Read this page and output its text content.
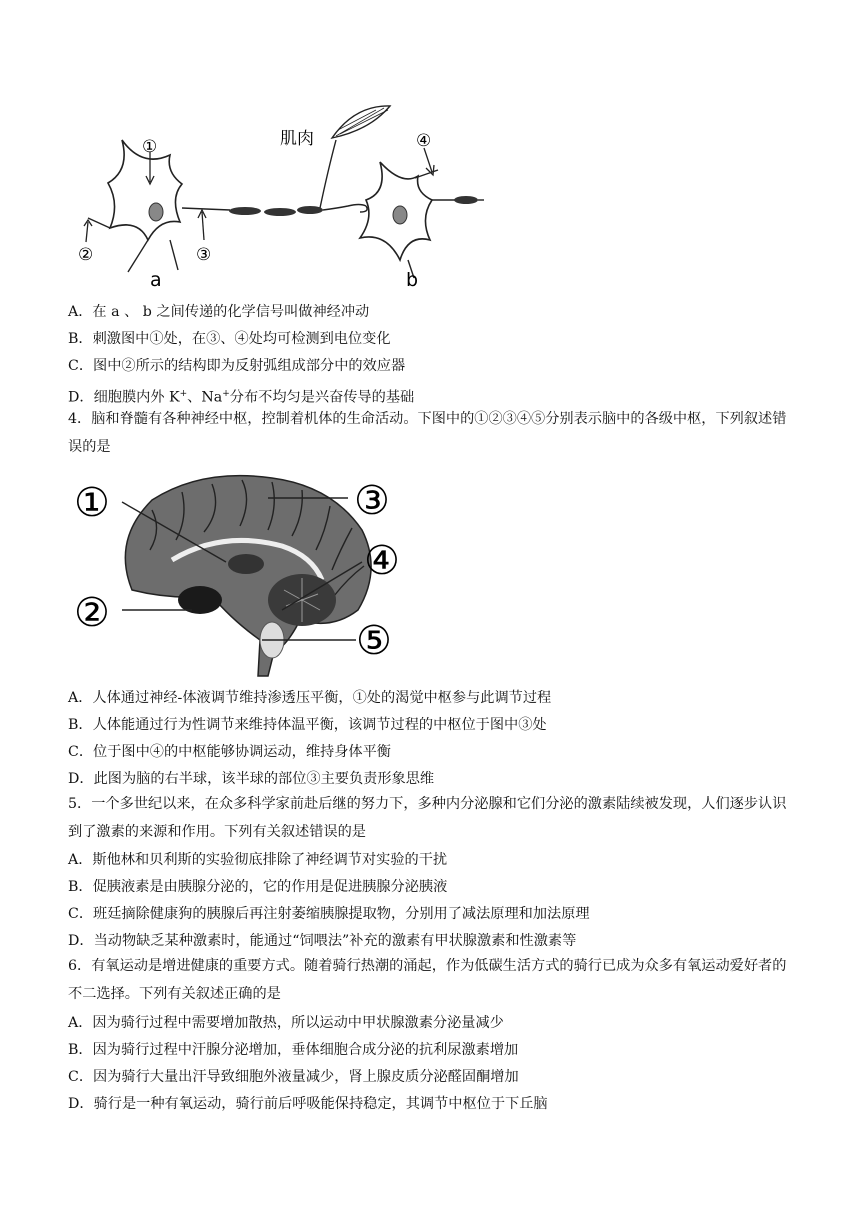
肌肉
①
②	③
④
a	b
A．在 a 、 b 之间传递的化学信号叫做神经冲动
B．刺激图中①处，在③、④处均可检测到电位变化
C．图中②所示的结构即为反射弧组成部分中的效应器
D．细胞膜内外 K+、Na+分布不均匀是兴奋传导的基础
4．脑和脊髓有各种神经中枢，控制着机体的生命活动。下图中的①②③④⑤分别表示脑中的各级中枢，下列叙述错误的是
①
②
③
④
⑤
A．人体通过神经-体液调节维持渗透压平衡，①处的渴觉中枢参与此调节过程
B．人体能通过行为性调节来维持体温平衡，该调节过程的中枢位于图中③处
C．位于图中④的中枢能够协调运动，维持身体平衡
D．此图为脑的右半球，该半球的部位③主要负责形象思维
5．一个多世纪以来，在众多科学家前赴后继的努力下，多种内分泌腺和它们分泌的激素陆续被发现，人们逐步认识到了激素的来源和作用。下列有关叙述错误的是
A．斯他林和贝利斯的实验彻底排除了神经调节对实验的干扰
B．促胰液素是由胰腺分泌的，它的作用是促进胰腺分泌胰液
C．班廷摘除健康狗的胰腺后再注射萎缩胰腺提取物，分别用了减法原理和加法原理
D．当动物缺乏某种激素时，能通过“饲喂法”补充的激素有甲状腺激素和性激素等
6．有氧运动是增进健康的重要方式。随着骑行热潮的涌起，作为低碳生活方式的骑行已成为众多有氧运动爱好者的不二选择。下列有关叙述正确的是
A．因为骑行过程中需要增加散热，所以运动中甲状腺激素分泌量减少
B．因为骑行过程中汗腺分泌增加，垂体细胞合成分泌的抗利尿激素增加
C．因为骑行大量出汗导致细胞外液量减少，肾上腺皮质分泌醛固酮增加
D．骑行是一种有氧运动，骑行前后呼吸能保持稳定，其调节中枢位于下丘脑
